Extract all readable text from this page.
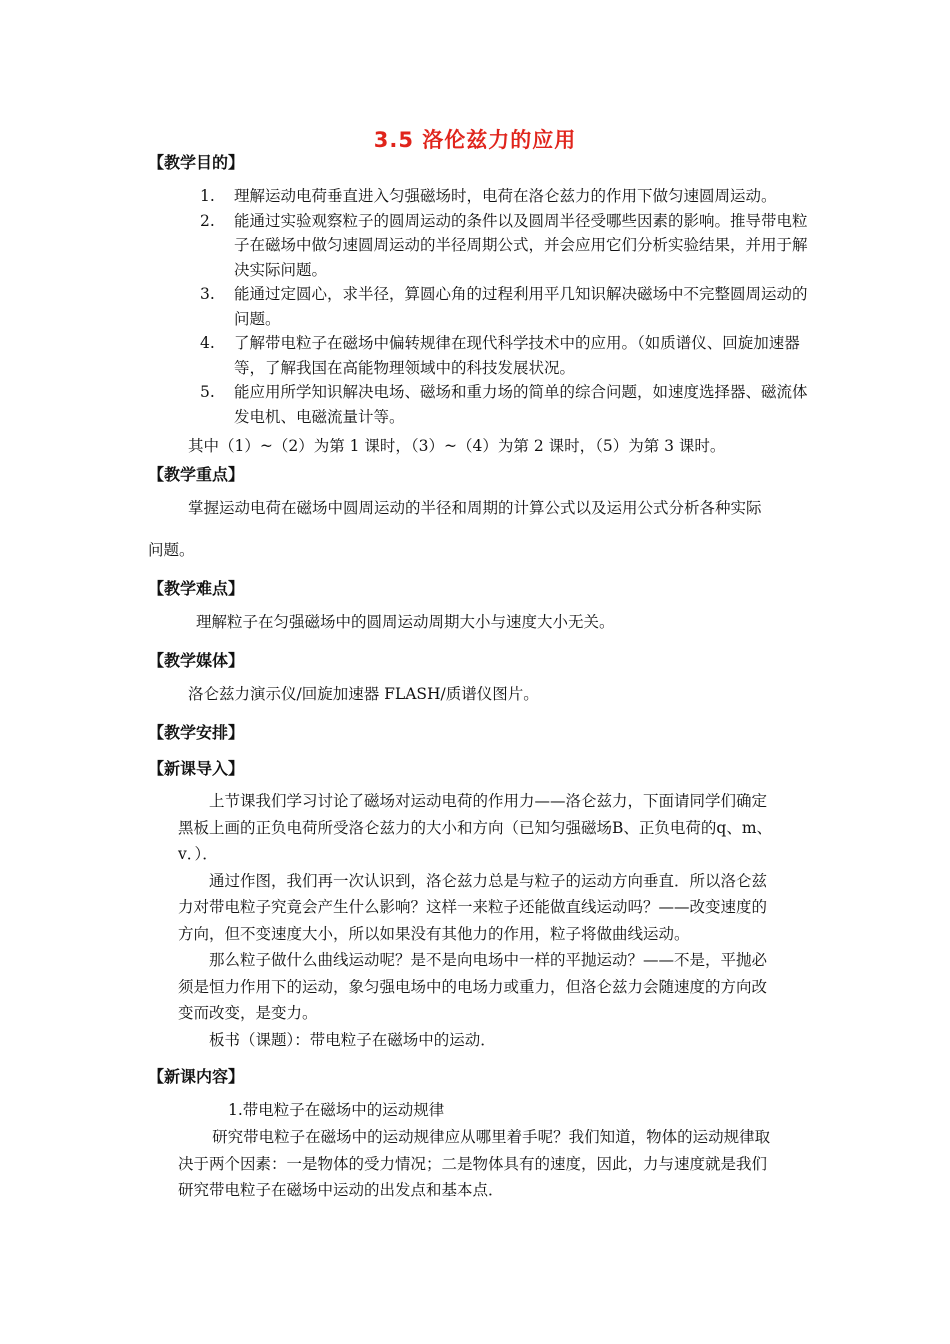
3.5 洛伦兹力的应用
【教学目的】
1. 理解运动电荷垂直进入匀强磁场时，电荷在洛仑兹力的作用下做匀速圆周运动。
2. 能通过实验观察粒子的圆周运动的条件以及圆周半径受哪些因素的影响。推导带电粒子在磁场中做匀速圆周运动的半径周期公式，并会应用它们分析实验结果，并用于解决实际问题。
3. 能通过定圆心，求半径，算圆心角的过程利用平几知识解决磁场中不完整圆周运动的问题。
4. 了解带电粒子在磁场中偏转规律在现代科学技术中的应用。（如质谱仪、回旋加速器等，了解我国在高能物理领域中的科技发展状况。
5. 能应用所学知识解决电场、磁场和重力场的简单的综合问题，如速度选择器、磁流体发电机、电磁流量计等。
其中（1）~（2）为第 1 课时，（3）~（4）为第 2 课时，（5）为第 3 课时。
【教学重点】
掌握运动电荷在磁场中圆周运动的半径和周期的计算公式以及运用公式分析各种实际
问题。
【教学难点】
理解粒子在匀强磁场中的圆周运动周期大小与速度大小无关。
【教学媒体】
洛仑兹力演示仪/回旋加速器 FLASH/质谱仪图片。
【教学安排】
【新课导入】

上节课我们学习讨论了磁场对运动电荷的作用力——洛仑兹力，下面请同学们确定黑板上画的正负电荷所受洛仑兹力的大小和方向（已知匀强磁场B、正负电荷的q、m、v．）．

通过作图，我们再一次认识到，洛仑兹力总是与粒子的运动方向垂直．所以洛仑兹力对带电粒子究竟会产生什么影响？这样一来粒子还能做直线运动吗？——改变速度的方向，但不变速度大小，所以如果没有其他力的作用，粒子将做曲线运动。

那么粒子做什么曲线运动呢？是不是向电场中一样的平抛运动？——不是，平抛必须是恒力作用下的运动，象匀强电场中的电场力或重力，但洛仑兹力会随速度的方向改变而改变，是变力。

板书（课题）：带电粒子在磁场中的运动．

【新课内容】
1.带电粒子在磁场中的运动规律

研究带电粒子在磁场中的运动规律应从哪里着手呢？我们知道，物体的运动规律取决于两个因素：一是物体的受力情况；二是物体具有的速度，因此，力与速度就是我们研究带电粒子在磁场中运动的出发点和基本点．
